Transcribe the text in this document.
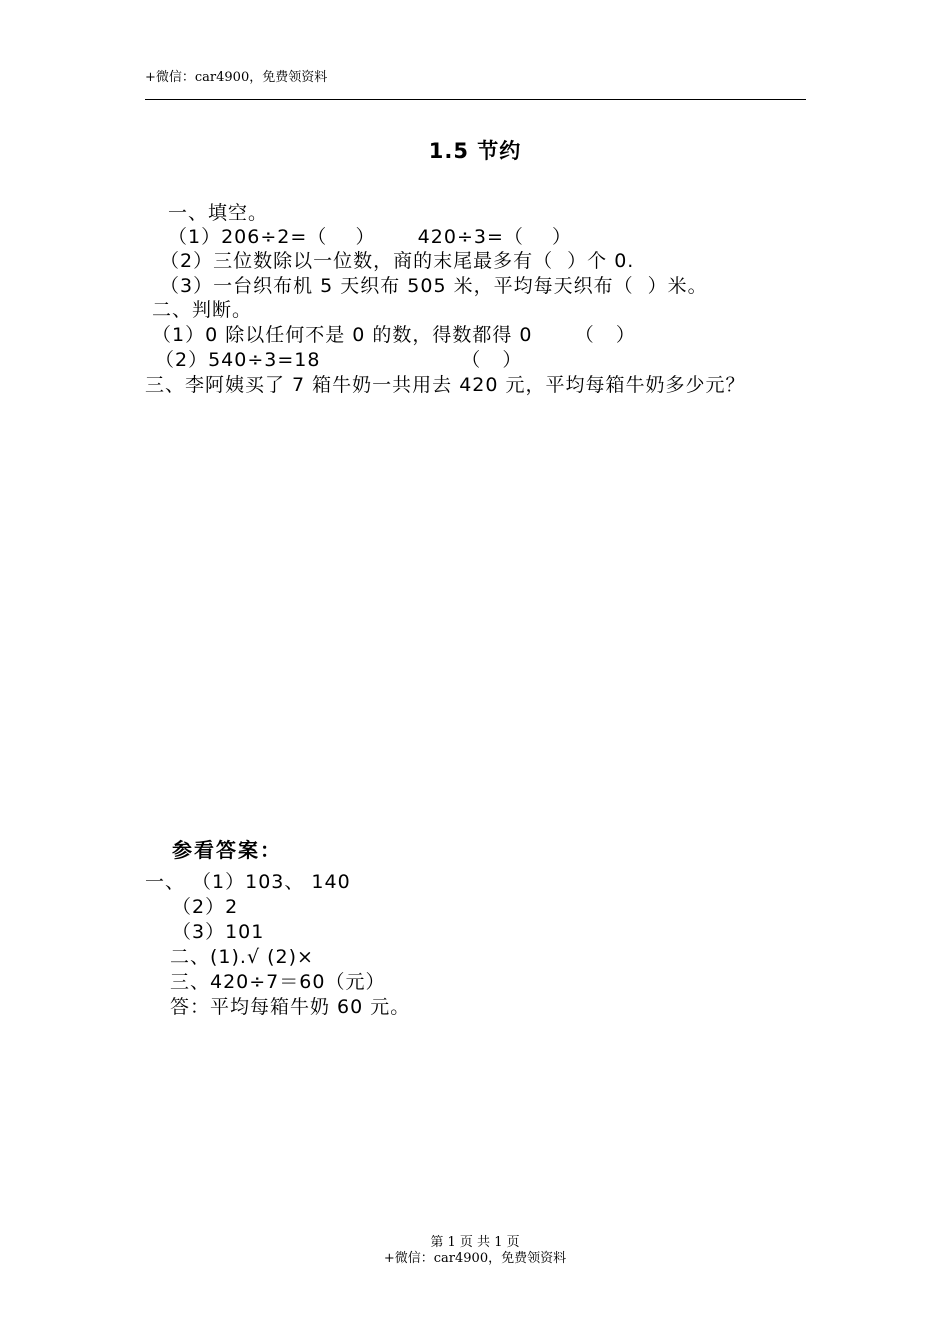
+微信：car4900，免费领资料
1.5 节约
一、填空。
（1）206÷2=（    ）      420÷3=（    ）
（2）三位数除以一位数，商的末尾最多有（  ）个 0.
（3）一台织布机 5 天织布 505 米，平均每天织布（  ）米。
二、判断。
（1）0 除以任何不是 0 的数，得数都得 0      （   ）
（2）540÷3=18                    （   ）
三、李阿姨买了 7 箱牛奶一共用去 420 元，平均每箱牛奶多少元？
参看答案：
一、 （1）103、 140
（2）2
（3）101
二、(1).√ (2)×
三、420÷7＝60（元）
答：平均每箱牛奶 60 元。
第 1 页 共 1 页
+微信：car4900，免费领资料
